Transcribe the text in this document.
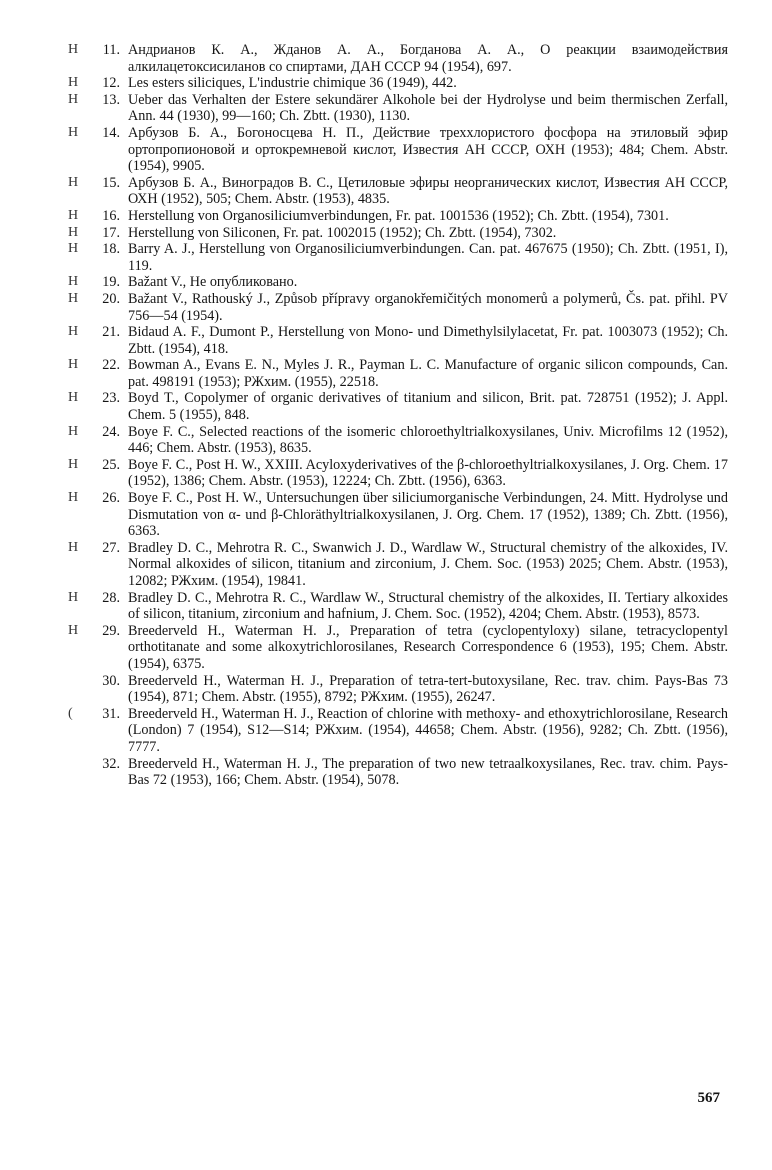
H	11. Андрианов К. А., Жданов А. А., Богданова А. А., О реакции взаимодействия алкилацетоксисиланов со спиртами, ДАН СССР 94 (1954), 697.

H	12. Les esters siliciques, L'industrie chimique 36 (1949), 442.

H	13. Ueber das Verhalten der Estere sekundärer Alkohole bei der Hydrolyse und beim thermischen Zerfall, Ann. 44 (1930), 99—160; Ch. Zbtt. (1930), 1130.

H	14. Арбузов Б. А., Богоносцева Н. П., Действие треххлористого фосфора на этиловый эфир ортопропионовой и ортокремневой кислот, Известия АН СССР, ОХН (1953); 484; Chem. Abstr. (1954), 9905.

H	15. Арбузов Б. А., Виноградов В. С., Цетиловые эфиры неорганических кислот, Известия АН СССР, ОХН (1952), 505; Chem. Abstr. (1953), 4835.

H	16. Herstellung von Organosiliciumverbindungen, Fr. pat. 1001536 (1952); Ch. Zbtt. (1954), 7301.

H	17. Herstellung von Siliconen, Fr. pat. 1002015 (1952); Ch. Zbtt. (1954), 7302.

H	18. Barry A. J., Herstellung von Organosiliciumverbindungen. Can. pat. 467675 (1950); Ch. Zbtt. (1951, I), 119.

H	19. Bažant V., Не опубликовано.

H	20. Bažant V., Rathouský J., Způsob přípravy organokřemičitých monomerů a polymerů, Čs. pat. přihl. PV 756—54 (1954).

H	21. Bidaud A. F., Dumont P., Herstellung von Mono- und Dimethylsilylacetat, Fr. pat. 1003073 (1952); Ch. Zbtt. (1954), 418.

H	22. Bowman A., Evans E. N., Myles J. R., Payman L. C. Manufacture of organic silicon compounds, Can. pat. 498191 (1953); РЖхим. (1955), 22518.

H	23. Boyd T., Copolymer of organic derivatives of titanium and silicon, Brit. pat. 728751 (1952); J. Appl. Chem. 5 (1955), 848.

H	24. Boye F. C., Selected reactions of the isomeric chloroethyltrialkoxysilanes, Univ. Microfilms 12 (1952), 446; Chem. Abstr. (1953), 8635.

H	25. Boye F. C., Post H. W., XXIII. Acyloxyderivatives of the β-chloroethyltrialkoxysilanes, J. Org. Chem. 17 (1952), 1386; Chem. Abstr. (1953), 12224; Ch. Zbtt. (1956), 6363.

H	26. Boye F. C., Post H. W., Untersuchungen über siliciumorganische Verbindungen, 24. Mitt. Hydrolyse und Dismutation von α- und β-Chloräthyltrialkoxysilanen, J. Org. Chem. 17 (1952), 1389; Ch. Zbtt. (1956), 6363.

H	27. Bradley D. C., Mehrotra R. C., Swanwich J. D., Wardlaw W., Structural chemistry of the alkoxides, IV. Normal alkoxides of silicon, titanium and zirconium, J. Chem. Soc. (1953) 2025; Chem. Abstr. (1953), 12082; РЖхим. (1954), 19841.

H	28. Bradley D. C., Mehrotra R. C., Wardlaw W., Structural chemistry of the alkoxides, II. Tertiary alkoxides of silicon, titanium, zirconium and hafnium, J. Chem. Soc. (1952), 4204; Chem. Abstr. (1953), 8573.

H	29. Breederveld H., Waterman H. J., Preparation of tetra (cyclopentyloxy) silane, tetracyclopentyl orthotitanate and some alkoxytrichlorosilanes, Research Correspondence 6 (1953), 195; Chem. Abstr. (1954), 6375.

30. Breederveld H., Waterman H. J., Preparation of tetra-tert-butoxysilane, Rec. trav. chim. Pays-Bas 73 (1954), 871; Chem. Abstr. (1955), 8792; РЖхим. (1955), 26247.

(	31. Breederveld H., Waterman H. J., Reaction of chlorine with methoxy- and ethoxytrichlorosilane, Research (London) 7 (1954), S12—S14; РЖхим. (1954), 44658; Chem. Abstr. (1956), 9282; Ch. Zbtt. (1956), 7777.

32. Breederveld H., Waterman H. J., The preparation of two new tetraalkoxysilanes, Rec. trav. chim. Pays-Bas 72 (1953), 166; Chem. Abstr. (1954), 5078.

567
